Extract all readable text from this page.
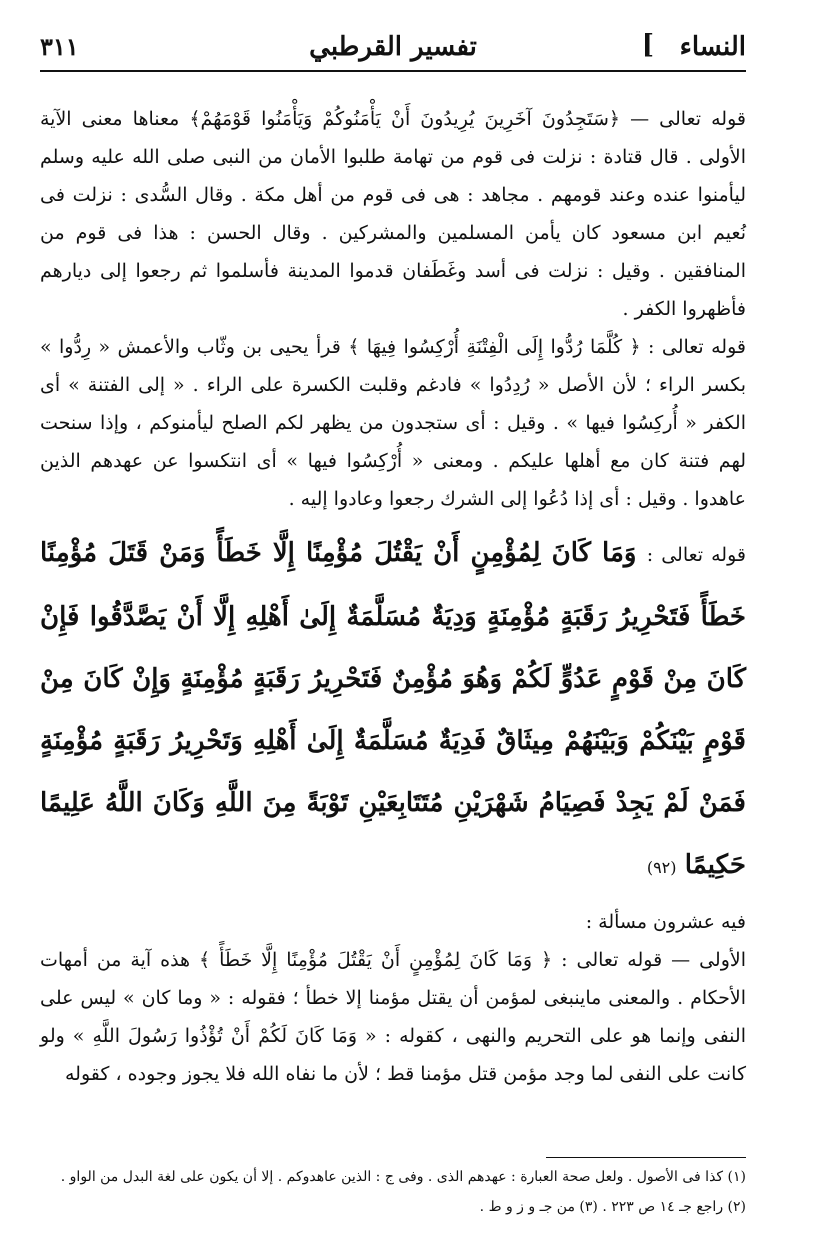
النساء
]
تفسير القرطبي
٣١١

قوله تعالى — ﴿سَتَجِدُونَ آخَرِينَ يُرِيدُونَ أَنْ يَأْمَنُوكُمْ وَيَأْمَنُوا قَوْمَهُمْ﴾ معناها معنى الآية الأولى . قال قتادة : نزلت فى قوم من تهامة طلبوا الأمان من النبى صلى الله عليه وسلم ليأمنوا عنده وعند قومهم . مجاهد : هى فى قوم من أهل مكة . وقال السُّدى : نزلت فى نُعيم ابن مسعود كان يأمن المسلمين والمشركين . وقال الحسن : هذا فى قوم من المنافقين . وقيل : نزلت فى أسد وغَطَفان قدموا المدينة فأسلموا ثم رجعوا إلى ديارهم فأظهروا الكفر .

قوله تعالى : ﴿ كُلَّمَا رُدُّوا إِلَى الْفِتْنَةِ أُرْكِسُوا فِيهَا ﴾ قرأ يحيى بن وثّاب والأعمش « رِدُّوا » بكسر الراء ؛ لأن الأصل « رُدِدُوا » فادغم وقلبت الكسرة على الراء . « إلى الفتنة » أى الكفر « أُركِسُوا فيها » . وقيل : أى ستجدون من يظهر لكم الصلح ليأمنوكم ، وإذا سنحت لهم فتنة كان مع أهلها عليكم . ومعنى « أُرْكِسُوا فيها » أى انتكسوا عن عهدهم الذين عاهدوا . وقيل : أى إذا دُعُوا إلى الشرك رجعوا وعادوا إليه .

قوله تعالى : وَمَا كَانَ لِمُؤْمِنٍ أَنْ يَقْتُلَ مُؤْمِنًا إِلَّا خَطَأً وَمَنْ قَتَلَ مُؤْمِنًا خَطَأً فَتَحْرِيرُ رَقَبَةٍ مُؤْمِنَةٍ وَدِيَةٌ مُسَلَّمَةٌ إِلَىٰ أَهْلِهِ إِلَّا أَنْ يَصَّدَّقُوا فَإِنْ كَانَ مِنْ قَوْمٍ عَدُوٍّ لَكُمْ وَهُوَ مُؤْمِنٌ فَتَحْرِيرُ رَقَبَةٍ مُؤْمِنَةٍ وَإِنْ كَانَ مِنْ قَوْمٍ بَيْنَكُمْ وَبَيْنَهُمْ مِيثَاقٌ فَدِيَةٌ مُسَلَّمَةٌ إِلَىٰ أَهْلِهِ وَتَحْرِيرُ رَقَبَةٍ مُؤْمِنَةٍ فَمَنْ لَمْ يَجِدْ فَصِيَامُ شَهْرَيْنِ مُتَتَابِعَيْنِ تَوْبَةً مِنَ اللَّهِ وَكَانَ اللَّهُ عَلِيمًا حَكِيمًا (٩٢)

فيه عشرون مسألة :

الأولى — قوله تعالى : ﴿ وَمَا كَانَ لِمُؤْمِنٍ أَنْ يَقْتُلَ مُؤْمِنًا إِلَّا خَطَأً ﴾ هذه آية من أمهات الأحكام . والمعنى ماينبغى لمؤمن أن يقتل مؤمنا إلا خطأ ؛ فقوله : « وما كان » ليس على النفى وإنما هو على التحريم والنهى ، كقوله : « وَمَا كَانَ لَكُمْ أَنْ تُؤْذُوا رَسُولَ اللَّهِ » ولو كانت على النفى لما وجد مؤمن قتل مؤمنا قط ؛ لأن ما نفاه الله فلا يجوز وجوده ، كقوله

(١) كذا فى الأصول . ولعل صحة العبارة : عهدهم الذى . وفى ج : الذين عاهدوكم . إلا أن يكون على لغة البدل من الواو .
(٢) راجع جـ ١٤ ص ٢٢٣ . (٣) من جـ و ز و ط .
